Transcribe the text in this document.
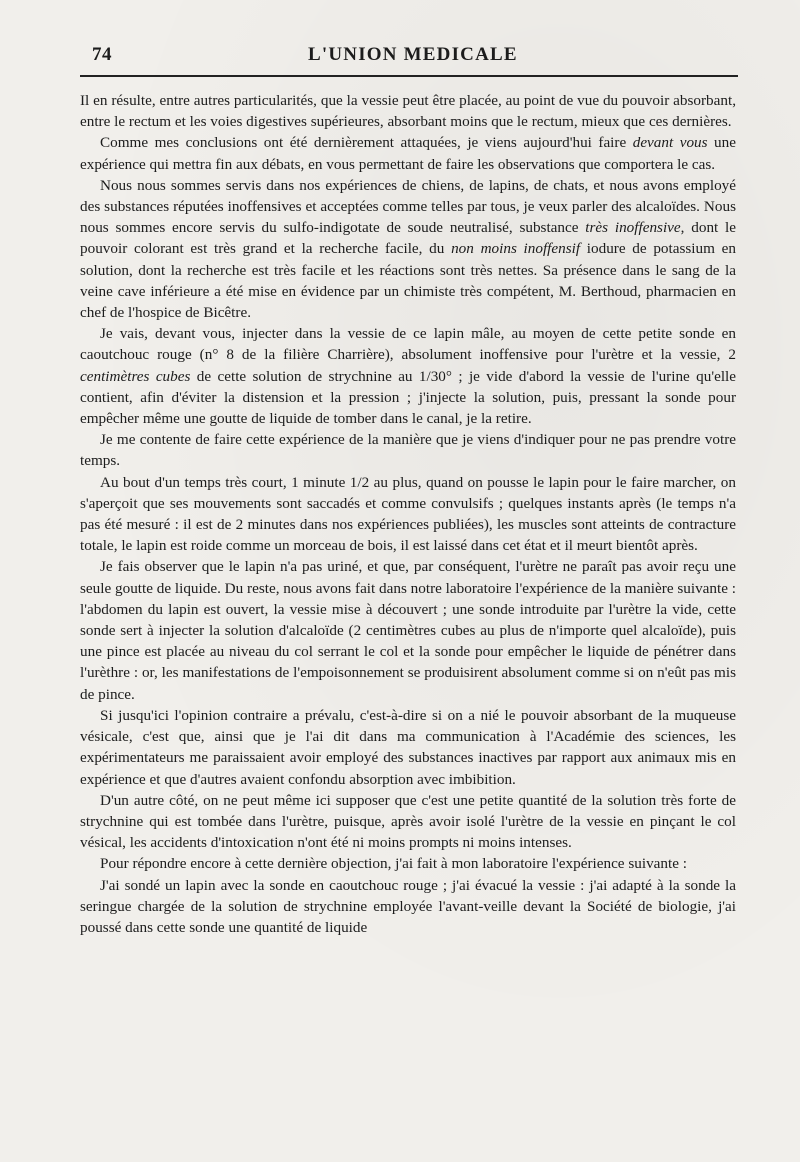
74	L'UNION MEDICALE

Il en résulte, entre autres particularités, que la vessie peut être placée, au point de vue du pouvoir absorbant, entre le rectum et les voies digestives supérieures, absorbant moins que le rectum, mieux que ces dernières.

Comme mes conclusions ont été dernièrement attaquées, je viens aujourd'hui faire devant vous une expérience qui mettra fin aux débats, en vous permettant de faire les observations que comportera le cas.

Nous nous sommes servis dans nos expériences de chiens, de lapins, de chats, et nous avons employé des substances réputées inoffensives et acceptées comme telles par tous, je veux parler des alcaloïdes. Nous nous sommes encore servis du sulfo-indigotate de soude neutralisé, substance très inoffensive, dont le pouvoir colorant est très grand et la recherche facile, du non moins inoffensif iodure de potassium en solution, dont la recherche est très facile et les réactions sont très nettes. Sa présence dans le sang de la veine cave inférieure a été mise en évidence par un chimiste très compétent, M. Berthoud, pharmacien en chef de l'hospice de Bicêtre.

Je vais, devant vous, injecter dans la vessie de ce lapin mâle, au moyen de cette petite sonde en caoutchouc rouge (n° 8 de la filière Charrière), absolument inoffensive pour l'urètre et la vessie, 2 centimètres cubes de cette solution de strychnine au 1/30° ; je vide d'abord la vessie de l'urine qu'elle contient, afin d'éviter la distension et la pression ; j'injecte la solution, puis, pressant la sonde pour empêcher même une goutte de liquide de tomber dans le canal, je la retire.

Je me contente de faire cette expérience de la manière que je viens d'indiquer pour ne pas prendre votre temps.

Au bout d'un temps très court, 1 minute 1/2 au plus, quand on pousse le lapin pour le faire marcher, on s'aperçoit que ses mouvements sont saccadés et comme convulsifs ; quelques instants après (le temps n'a pas été mesuré : il est de 2 minutes dans nos expériences publiées), les muscles sont atteints de contracture totale, le lapin est roide comme un morceau de bois, il est laissé dans cet état et il meurt bientôt après.

Je fais observer que le lapin n'a pas uriné, et que, par conséquent, l'urètre ne paraît pas avoir reçu une seule goutte de liquide. Du reste, nous avons fait dans notre laboratoire l'expérience de la manière suivante : l'abdomen du lapin est ouvert, la vessie mise à découvert ; une sonde introduite par l'urètre la vide, cette sonde sert à injecter la solution d'alcaloïde (2 centimètres cubes au plus de n'importe quel alcaloïde), puis une pince est placée au niveau du col serrant le col et la sonde pour empêcher le liquide de pénétrer dans l'urèthre : or, les manifestations de l'empoisonnement se produisirent absolument comme si on n'eût pas mis de pince.

Si jusqu'ici l'opinion contraire a prévalu, c'est-à-dire si on a nié le pouvoir absorbant de la muqueuse vésicale, c'est que, ainsi que je l'ai dit dans ma communication à l'Académie des sciences, les expérimentateurs me paraissaient avoir employé des substances inactives par rapport aux animaux mis en expérience et que d'autres avaient confondu absorption avec imbibition.

D'un autre côté, on ne peut même ici supposer que c'est une petite quantité de la solution très forte de strychnine qui est tombée dans l'urètre, puisque, après avoir isolé l'urètre de la vessie en pinçant le col vésical, les accidents d'intoxication n'ont été ni moins prompts ni moins intenses.

Pour répondre encore à cette dernière objection, j'ai fait à mon laboratoire l'expérience suivante :

J'ai sondé un lapin avec la sonde en caoutchouc rouge ; j'ai évacué la vessie : j'ai adapté à la sonde la seringue chargée de la solution de strychnine employée l'avant-veille devant la Société de biologie, j'ai poussé dans cette sonde une quantité de liquide
